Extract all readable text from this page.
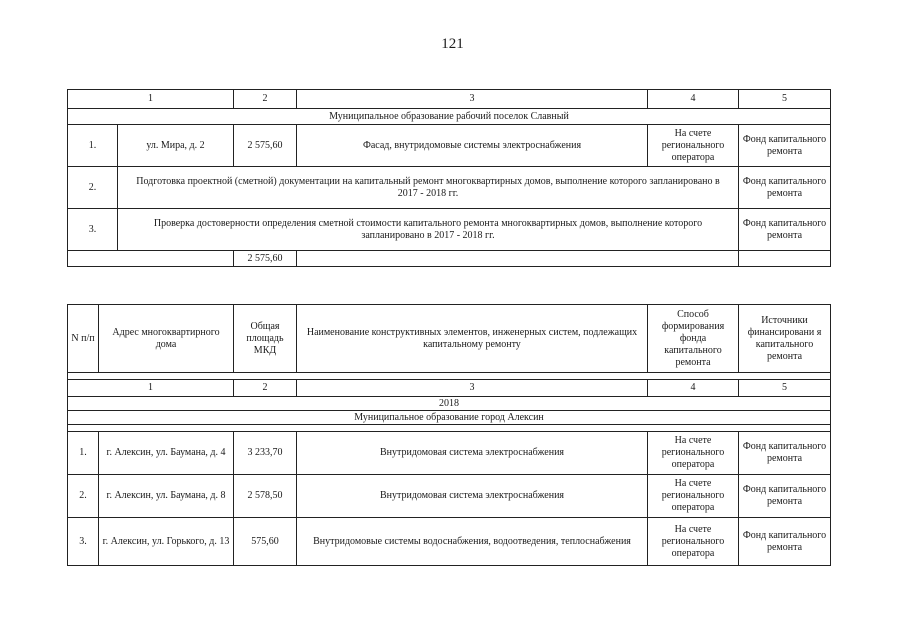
121
1		2	3	4	5
Муниципальное образование рабочий поселок Славный					
1.	ул. Мира, д. 2	2 575,60	Фасад, внутридомовые системы электроснабжения	На счете регионального оператора	Фонд капитального ремонта
2.	Подготовка проектной (сметной) документации на капитальный ремонт многоквартирных домов, выполнение которого запланировано в 2017 - 2018 гг.				Фонд капитального ремонта
3.	Проверка достоверности определения сметной стоимости капитального ремонта многоквартирных домов, выполнение которого запланировано в 2017 - 2018 гг.				Фонд капитального ремонта
		2 575,60			
N п/п	Адрес многоквартирного дома	Общая площадь МКД	Наименование конструктивных элементов, инженерных систем, подлежащих капитальному ремонту	Способ формирования фонда капитального ремонта	Источники финансировани я капитального ремонта

1		2	3	4	5
2018					
Муниципальное образование город Алексин					

1.	г. Алексин, ул. Баумана, д. 4	3 233,70	Внутридомовая система электроснабжения	На счете регионального оператора	Фонд капитального ремонта
2.	г. Алексин, ул. Баумана, д. 8	2 578,50	Внутридомовая система электроснабжения	На счете регионального оператора	Фонд капитального ремонта
3.	г. Алексин, ул. Горького, д. 13	575,60	Внутридомовые системы водоснабжения, водоотведения, теплоснабжения	На счете регионального оператора	Фонд капитального ремонта
